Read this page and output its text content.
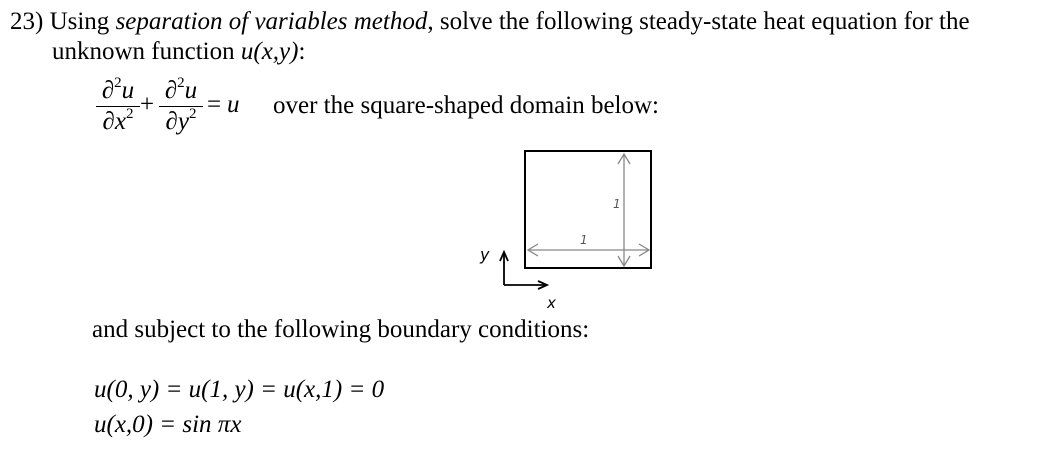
23) Using separation of variables method, solve the following steady-state heat equation for the
unknown function u(x,y):
∂$^2$u
$\partial x^2$ +
∂$^2$u
$\partial y^2 = u$ over the square-shaped domain below:
1
1
y
x
and subject to the following boundary conditions:
u(0, y) = u(1, y) = u(x,1) = 0
u(x,0) = sin πx
